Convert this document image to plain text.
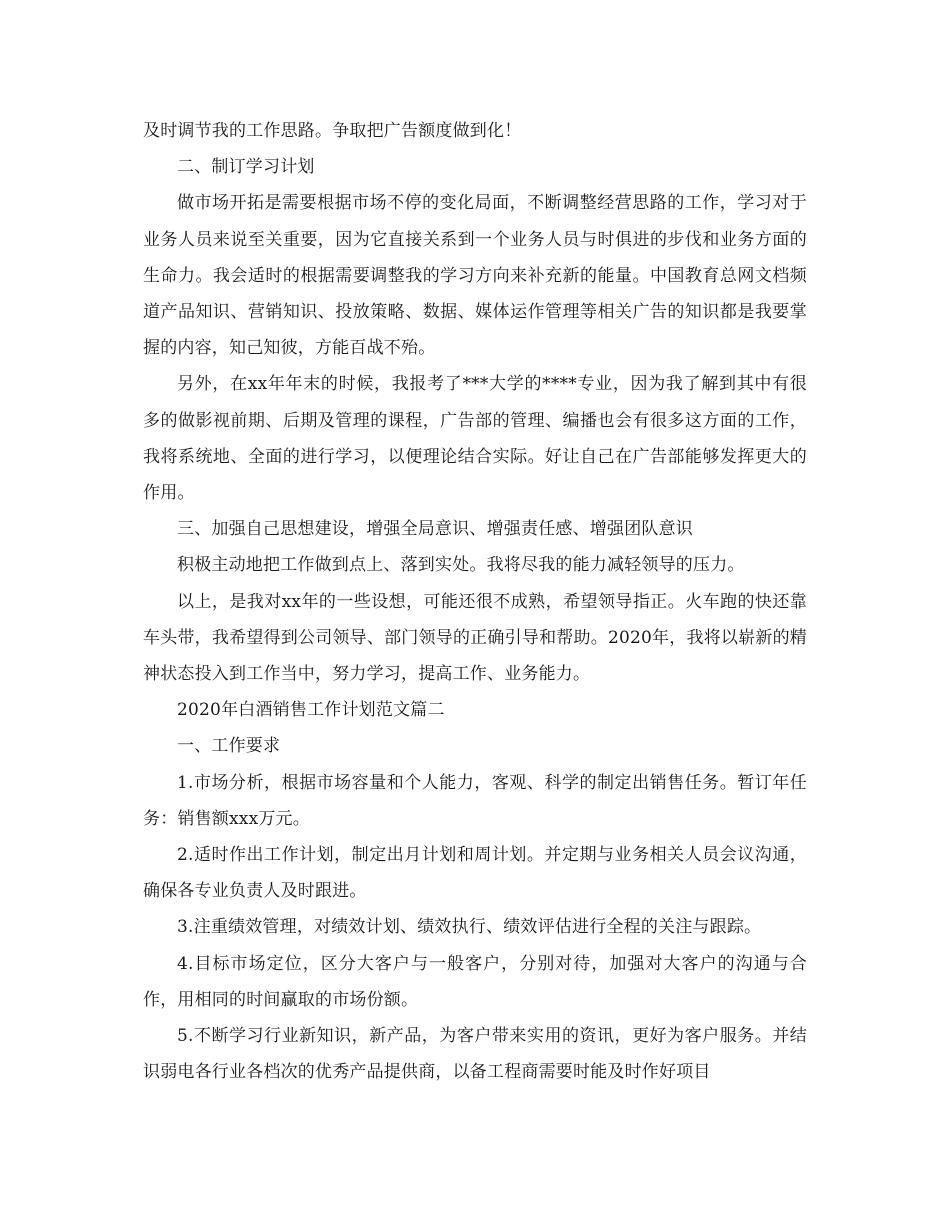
及时调节我的工作思路。争取把广告额度做到化！

二、制订学习计划

做市场开拓是需要根据市场不停的变化局面，不断调整经营思路的工作，学习对于业务人员来说至关重要，因为它直接关系到一个业务人员与时俱进的步伐和业务方面的生命力。我会适时的根据需要调整我的学习方向来补充新的能量。中国教育总网文档频道产品知识、营销知识、投放策略、数据、媒体运作管理等相关广告的知识都是我要掌握的内容，知己知彼，方能百战不殆。

另外，在xx年年末的时候，我报考了***大学的****专业，因为我了解到其中有很多的做影视前期、后期及管理的课程，广告部的管理、编播也会有很多这方面的工作，我将系统地、全面的进行学习，以便理论结合实际。好让自己在广告部能够发挥更大的作用。

三、加强自己思想建设，增强全局意识、增强责任感、增强团队意识

积极主动地把工作做到点上、落到实处。我将尽我的能力减轻领导的压力。

以上，是我对xx年的一些设想，可能还很不成熟，希望领导指正。火车跑的快还靠车头带，我希望得到公司领导、部门领导的正确引导和帮助。2020年，我将以崭新的精神状态投入到工作当中，努力学习，提高工作、业务能力。

2020年白酒销售工作计划范文篇二

一、工作要求

1.市场分析，根据市场容量和个人能力，客观、科学的制定出销售任务。暂订年任务：销售额xxx万元。

2.适时作出工作计划，制定出月计划和周计划。并定期与业务相关人员会议沟通，确保各专业负责人及时跟进。

3.注重绩效管理，对绩效计划、绩效执行、绩效评估进行全程的关注与跟踪。

4.目标市场定位，区分大客户与一般客户，分别对待，加强对大客户的沟通与合作，用相同的时间赢取的市场份额。

5.不断学习行业新知识，新产品，为客户带来实用的资讯，更好为客户服务。并结识弱电各行业各档次的优秀产品提供商，以备工程商需要时能及时作好项目
